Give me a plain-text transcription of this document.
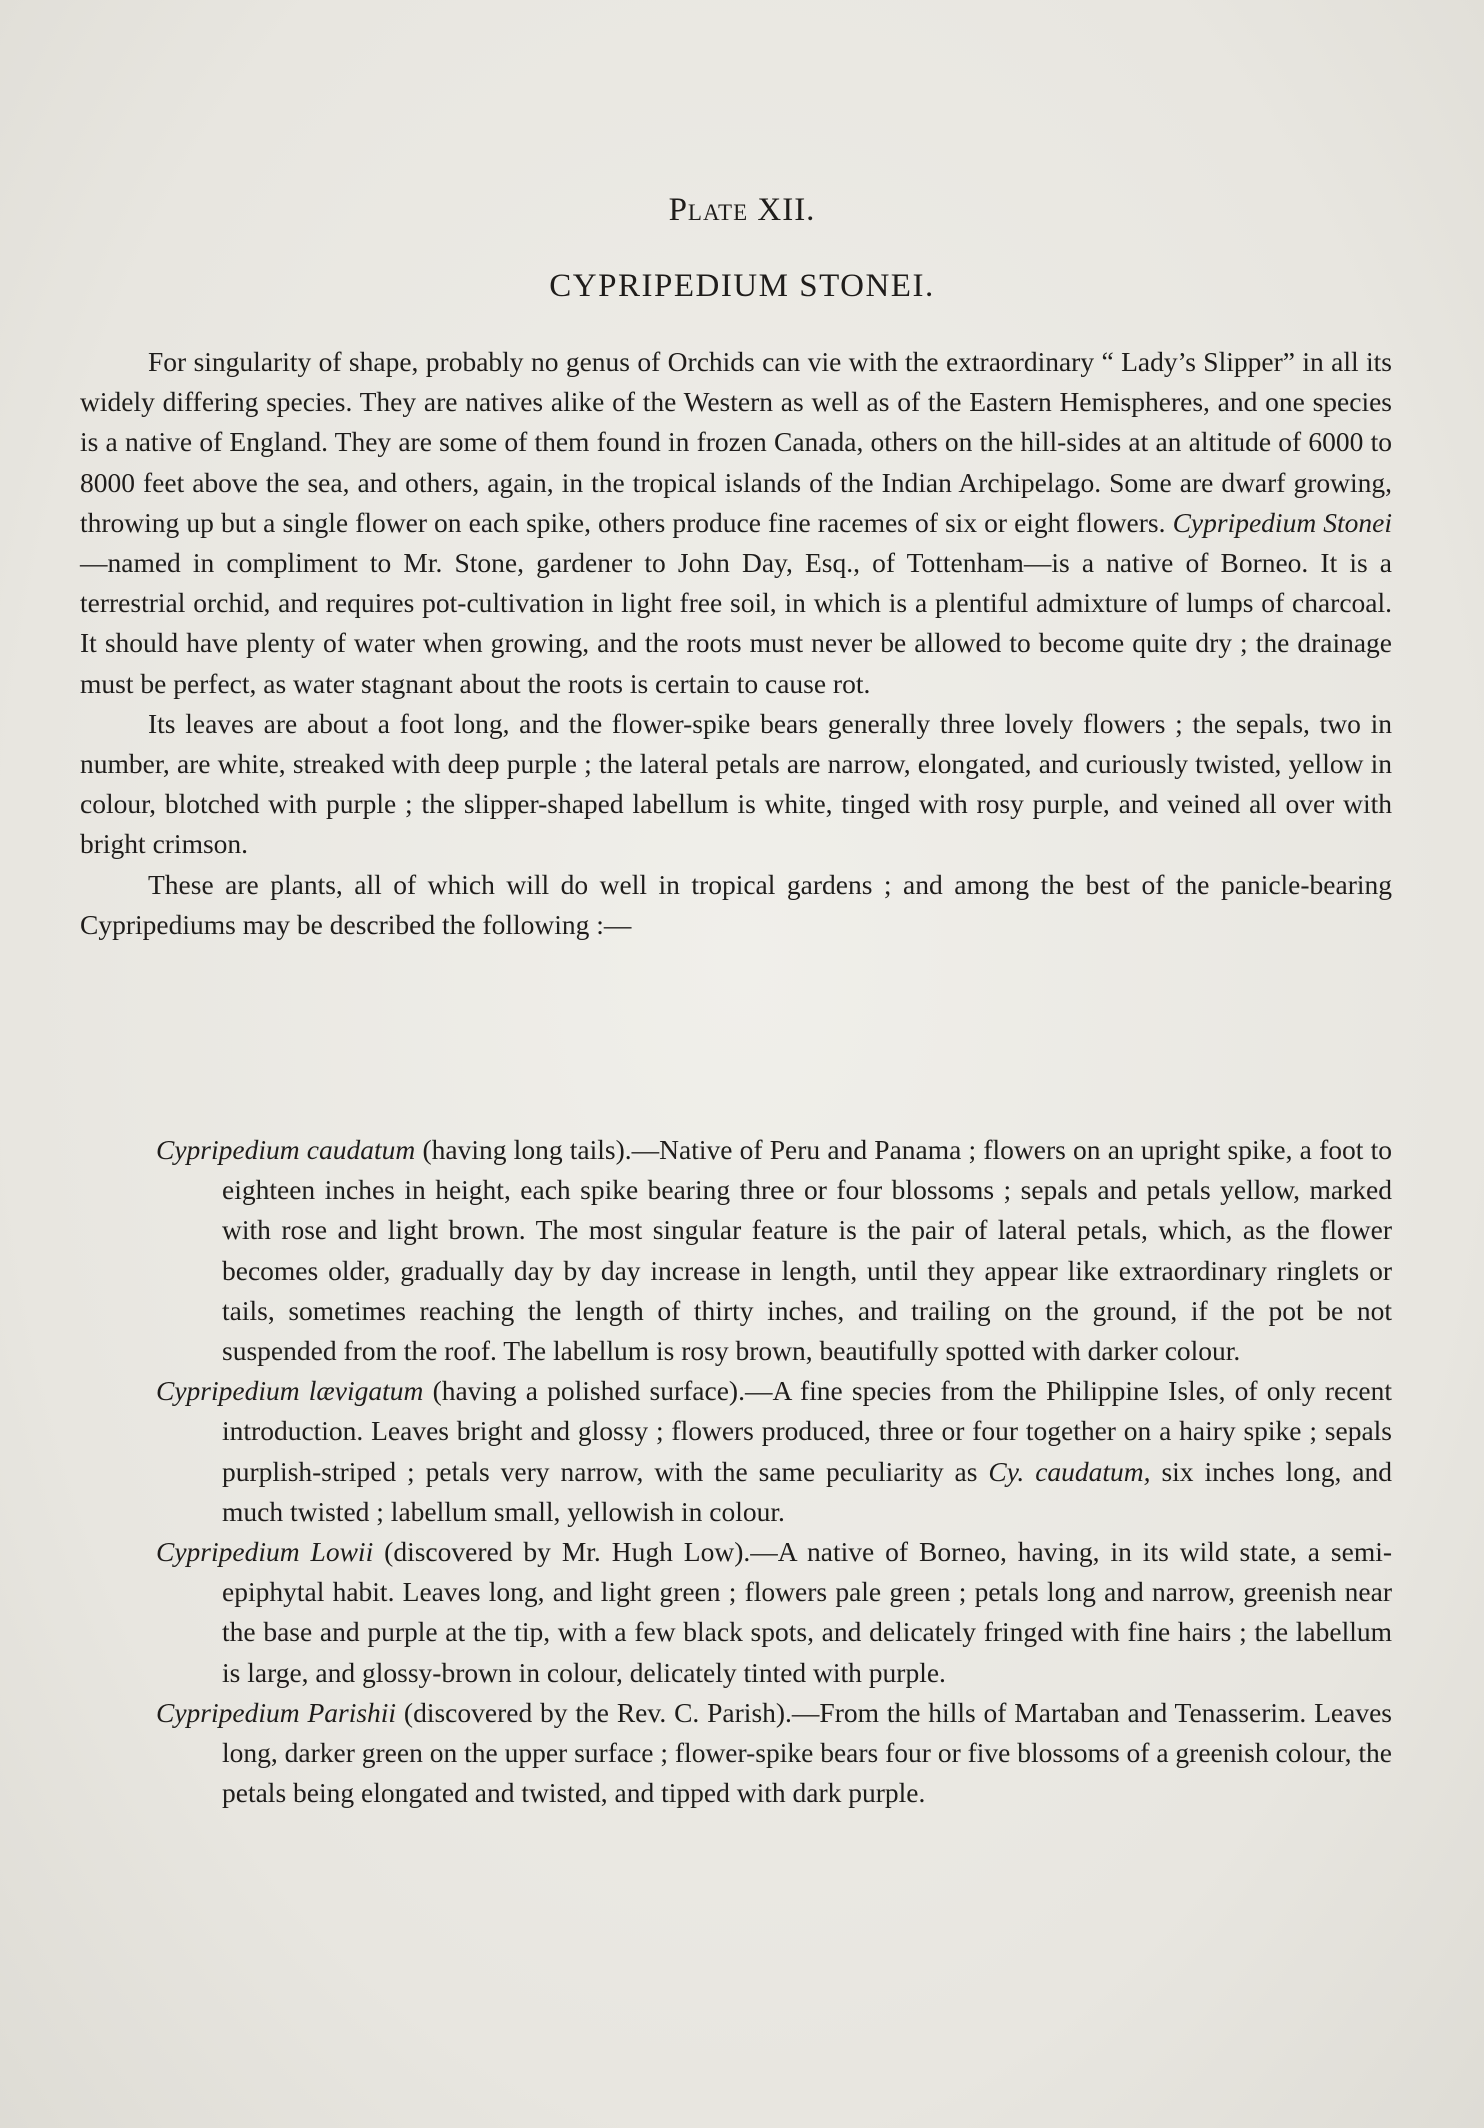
Plate XII.
CYPRIPEDIUM STONEI.

For singularity of shape, probably no genus of Orchids can vie with the extraordinary “ Lady’s Slipper” in all its widely differing species. They are natives alike of the Western as well as of the Eastern Hemispheres, and one species is a native of England. They are some of them found in frozen Canada, others on the hill-sides at an altitude of 6000 to 8000 feet above the sea, and others, again, in the tropical islands of the Indian Archipelago. Some are dwarf growing, throwing up but a single flower on each spike, others produce fine racemes of six or eight flowers. Cypripedium Stonei—named in compliment to Mr. Stone, gardener to John Day, Esq., of Tottenham—is a native of Borneo. It is a terrestrial orchid, and requires pot-cultivation in light free soil, in which is a plentiful admixture of lumps of charcoal. It should have plenty of water when growing, and the roots must never be allowed to become quite dry ; the drainage must be perfect, as water stagnant about the roots is certain to cause rot.

Its leaves are about a foot long, and the flower-spike bears generally three lovely flowers ; the sepals, two in number, are white, streaked with deep purple ; the lateral petals are narrow, elongated, and curiously twisted, yellow in colour, blotched with purple ; the slipper-shaped labellum is white, tinged with rosy purple, and veined all over with bright crimson.

These are plants, all of which will do well in tropical gardens ; and among the best of the panicle-bearing Cypripediums may be described the following :—

Cypripedium caudatum (having long tails).—Native of Peru and Panama ; flowers on an upright spike, a foot to eighteen inches in height, each spike bearing three or four blossoms ; sepals and petals yellow, marked with rose and light brown. The most singular feature is the pair of lateral petals, which, as the flower becomes older, gradually day by day increase in length, until they appear like extraordinary ringlets or tails, sometimes reaching the length of thirty inches, and trailing on the ground, if the pot be not suspended from the roof. The labellum is rosy brown, beautifully spotted with darker colour.

Cypripedium lævigatum (having a polished surface).—A fine species from the Philippine Isles, of only recent introduction. Leaves bright and glossy ; flowers produced, three or four together on a hairy spike ; sepals purplish-striped ; petals very narrow, with the same peculiarity as Cy. caudatum, six inches long, and much twisted ; labellum small, yellowish in colour.

Cypripedium Lowii (discovered by Mr. Hugh Low).—A native of Borneo, having, in its wild state, a semi-epiphytal habit. Leaves long, and light green ; flowers pale green ; petals long and narrow, greenish near the base and purple at the tip, with a few black spots, and delicately fringed with fine hairs ; the labellum is large, and glossy-brown in colour, delicately tinted with purple.

Cypripedium Parishii (discovered by the Rev. C. Parish).—From the hills of Martaban and Tenasserim. Leaves long, darker green on the upper surface ; flower-spike bears four or five blossoms of a greenish colour, the petals being elongated and twisted, and tipped with dark purple.
